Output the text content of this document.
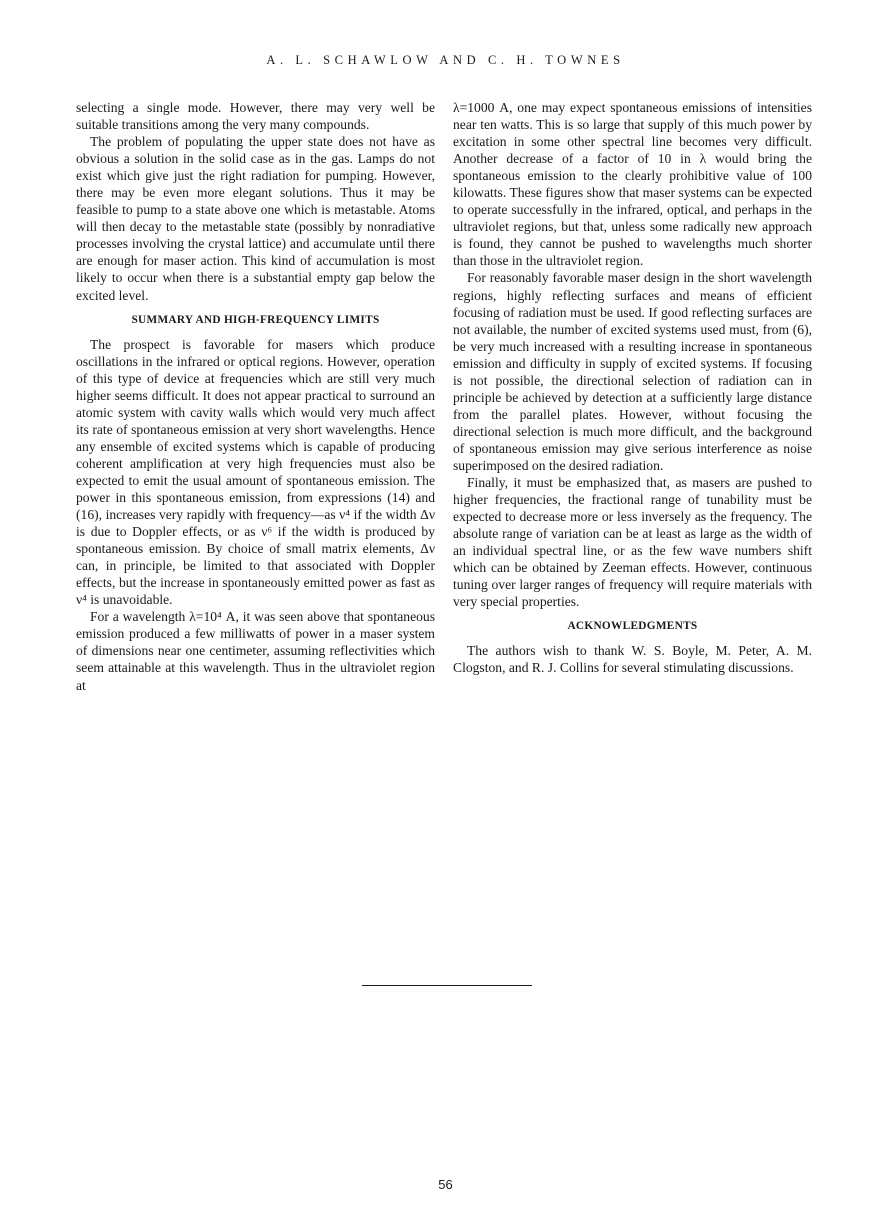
A. L. SCHAWLOW AND C. H. TOWNES

selecting a single mode. However, there may very well be suitable transitions among the very many compounds.

The problem of populating the upper state does not have as obvious a solution in the solid case as in the gas. Lamps do not exist which give just the right radiation for pumping. However, there may be even more elegant solutions. Thus it may be feasible to pump to a state above one which is metastable. Atoms will then decay to the metastable state (possibly by nonradiative processes involving the crystal lattice) and accumulate until there are enough for maser action. This kind of accumulation is most likely to occur when there is a substantial empty gap below the excited level.

SUMMARY AND HIGH-FREQUENCY LIMITS

The prospect is favorable for masers which produce oscillations in the infrared or optical regions. However, operation of this type of device at frequencies which are still very much higher seems difficult. It does not appear practical to surround an atomic system with cavity walls which would very much affect its rate of spontaneous emission at very short wavelengths. Hence any ensemble of excited systems which is capable of producing coherent amplification at very high frequencies must also be expected to emit the usual amount of spontaneous emission. The power in this spontaneous emission, from expressions (14) and (16), increases very rapidly with frequency—as ν⁴ if the width Δν is due to Doppler effects, or as ν⁶ if the width is produced by spontaneous emission. By choice of small matrix elements, Δν can, in principle, be limited to that associated with Doppler effects, but the increase in spontaneously emitted power as fast as ν⁴ is unavoidable.

For a wavelength λ=10⁴ A, it was seen above that spontaneous emission produced a few milliwatts of power in a maser system of dimensions near one centimeter, assuming reflectivities which seem attainable at this wavelength. Thus in the ultraviolet region at

λ=1000 A, one may expect spontaneous emissions of intensities near ten watts. This is so large that supply of this much power by excitation in some other spectral line becomes very difficult. Another decrease of a factor of 10 in λ would bring the spontaneous emission to the clearly prohibitive value of 100 kilowatts. These figures show that maser systems can be expected to operate successfully in the infrared, optical, and perhaps in the ultraviolet regions, but that, unless some radically new approach is found, they cannot be pushed to wavelengths much shorter than those in the ultraviolet region.

For reasonably favorable maser design in the short wavelength regions, highly reflecting surfaces and means of efficient focusing of radiation must be used. If good reflecting surfaces are not available, the number of excited systems used must, from (6), be very much increased with a resulting increase in spontaneous emission and difficulty in supply of excited systems. If focusing is not possible, the directional selection of radiation can in principle be achieved by detection at a sufficiently large distance from the parallel plates. However, without focusing the directional selection is much more difficult, and the background of spontaneous emission may give serious interference as noise superimposed on the desired radiation.

Finally, it must be emphasized that, as masers are pushed to higher frequencies, the fractional range of tunability must be expected to decrease more or less inversely as the frequency. The absolute range of variation can be at least as large as the width of an individual spectral line, or as the few wave numbers shift which can be obtained by Zeeman effects. However, continuous tuning over larger ranges of frequency will require materials with very special properties.

ACKNOWLEDGMENTS

The authors wish to thank W. S. Boyle, M. Peter, A. M. Clogston, and R. J. Collins for several stimulating discussions.

56
